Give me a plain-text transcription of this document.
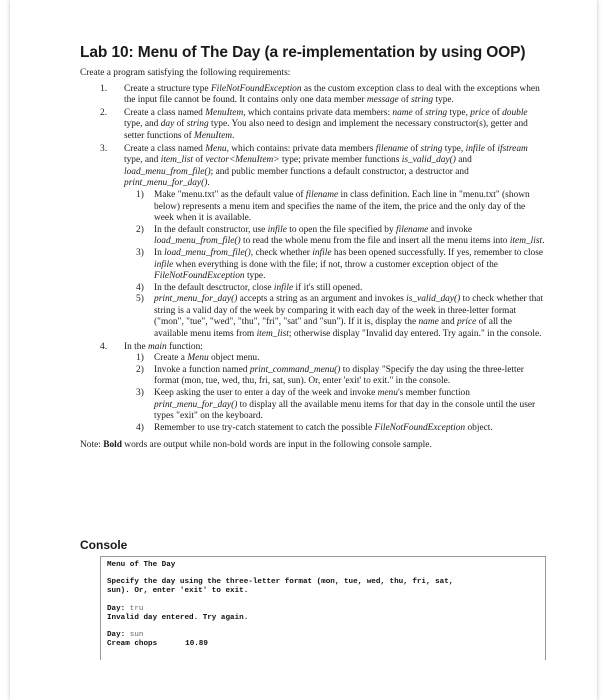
Lab 10: Menu of The Day (a re-implementation by using OOP)

Create a program satisfying the following requirements:

1. Create a structure type FileNotFoundException as the custom exception class to deal with the exceptions when the input file cannot be found. It contains only one data member message of string type.
2. Create a class named MenuItem, which contains private data members: name of string type, price of double type, and day of string type. You also need to design and implement the necessary constructor(s), getter and setter functions of MenuItem.
3. Create a class named Menu, which contains: private data members filename of string type, infile of ifstream type, and item_list of vector<MenuItem> type; private member functions is_valid_day() and load_menu_from_file(); and public member functions a default constructor, a destructor and print_menu_for_day().
1) Make "menu.txt" as the default value of filename in class definition. Each line in "menu.txt" (shown below) represents a menu item and specifies the name of the item, the price and the only day of the week when it is available.
2) In the default constructor, use infile to open the file specified by filename and invoke load_menu_from_file() to read the whole menu from the file and insert all the menu items into item_list.
3) In load_menu_from_file(), check whether infile has been opened successfully. If yes, remember to close infile when everything is done with the file; if not, throw a customer exception object of the FileNotFoundException type.
4) In the default desctructor, close infile if it's still opened.
5) print_menu_for_day() accepts a string as an argument and invokes is_valid_day() to check whether that string is a valid day of the week by comparing it with each day of the week in three-letter format ("mon", "tue", "wed", "thu", "fri", "sat" and "sun"). If it is, display the name and price of all the available menu items from item_list; otherwise display "Invalid day entered. Try again." in the console.
4. In the main function:
1) Create a Menu object menu.
2) Invoke a function named print_command_menu() to display "Specify the day using the three-letter format (mon, tue, wed, thu, fri, sat, sun). Or, enter 'exit' to exit." in the console.
3) Keep asking the user to enter a day of the week and invoke menu's member function print_menu_for_day() to display all the available menu items for that day in the console until the user types "exit" on the keyboard.
4) Remember to use try-catch statement to catch the possible FileNotFoundException object.

Note: Bold words are output while non-bold words are input in the following console sample.

Console
Menu of The Day
Specify the day using the three-letter format (mon, tue, wed, thu, fri, sat,
sun). Or, enter 'exit' to exit.
Day: tru
Invalid day entered. Try again.
Day: sun
Cream chops	10.89
